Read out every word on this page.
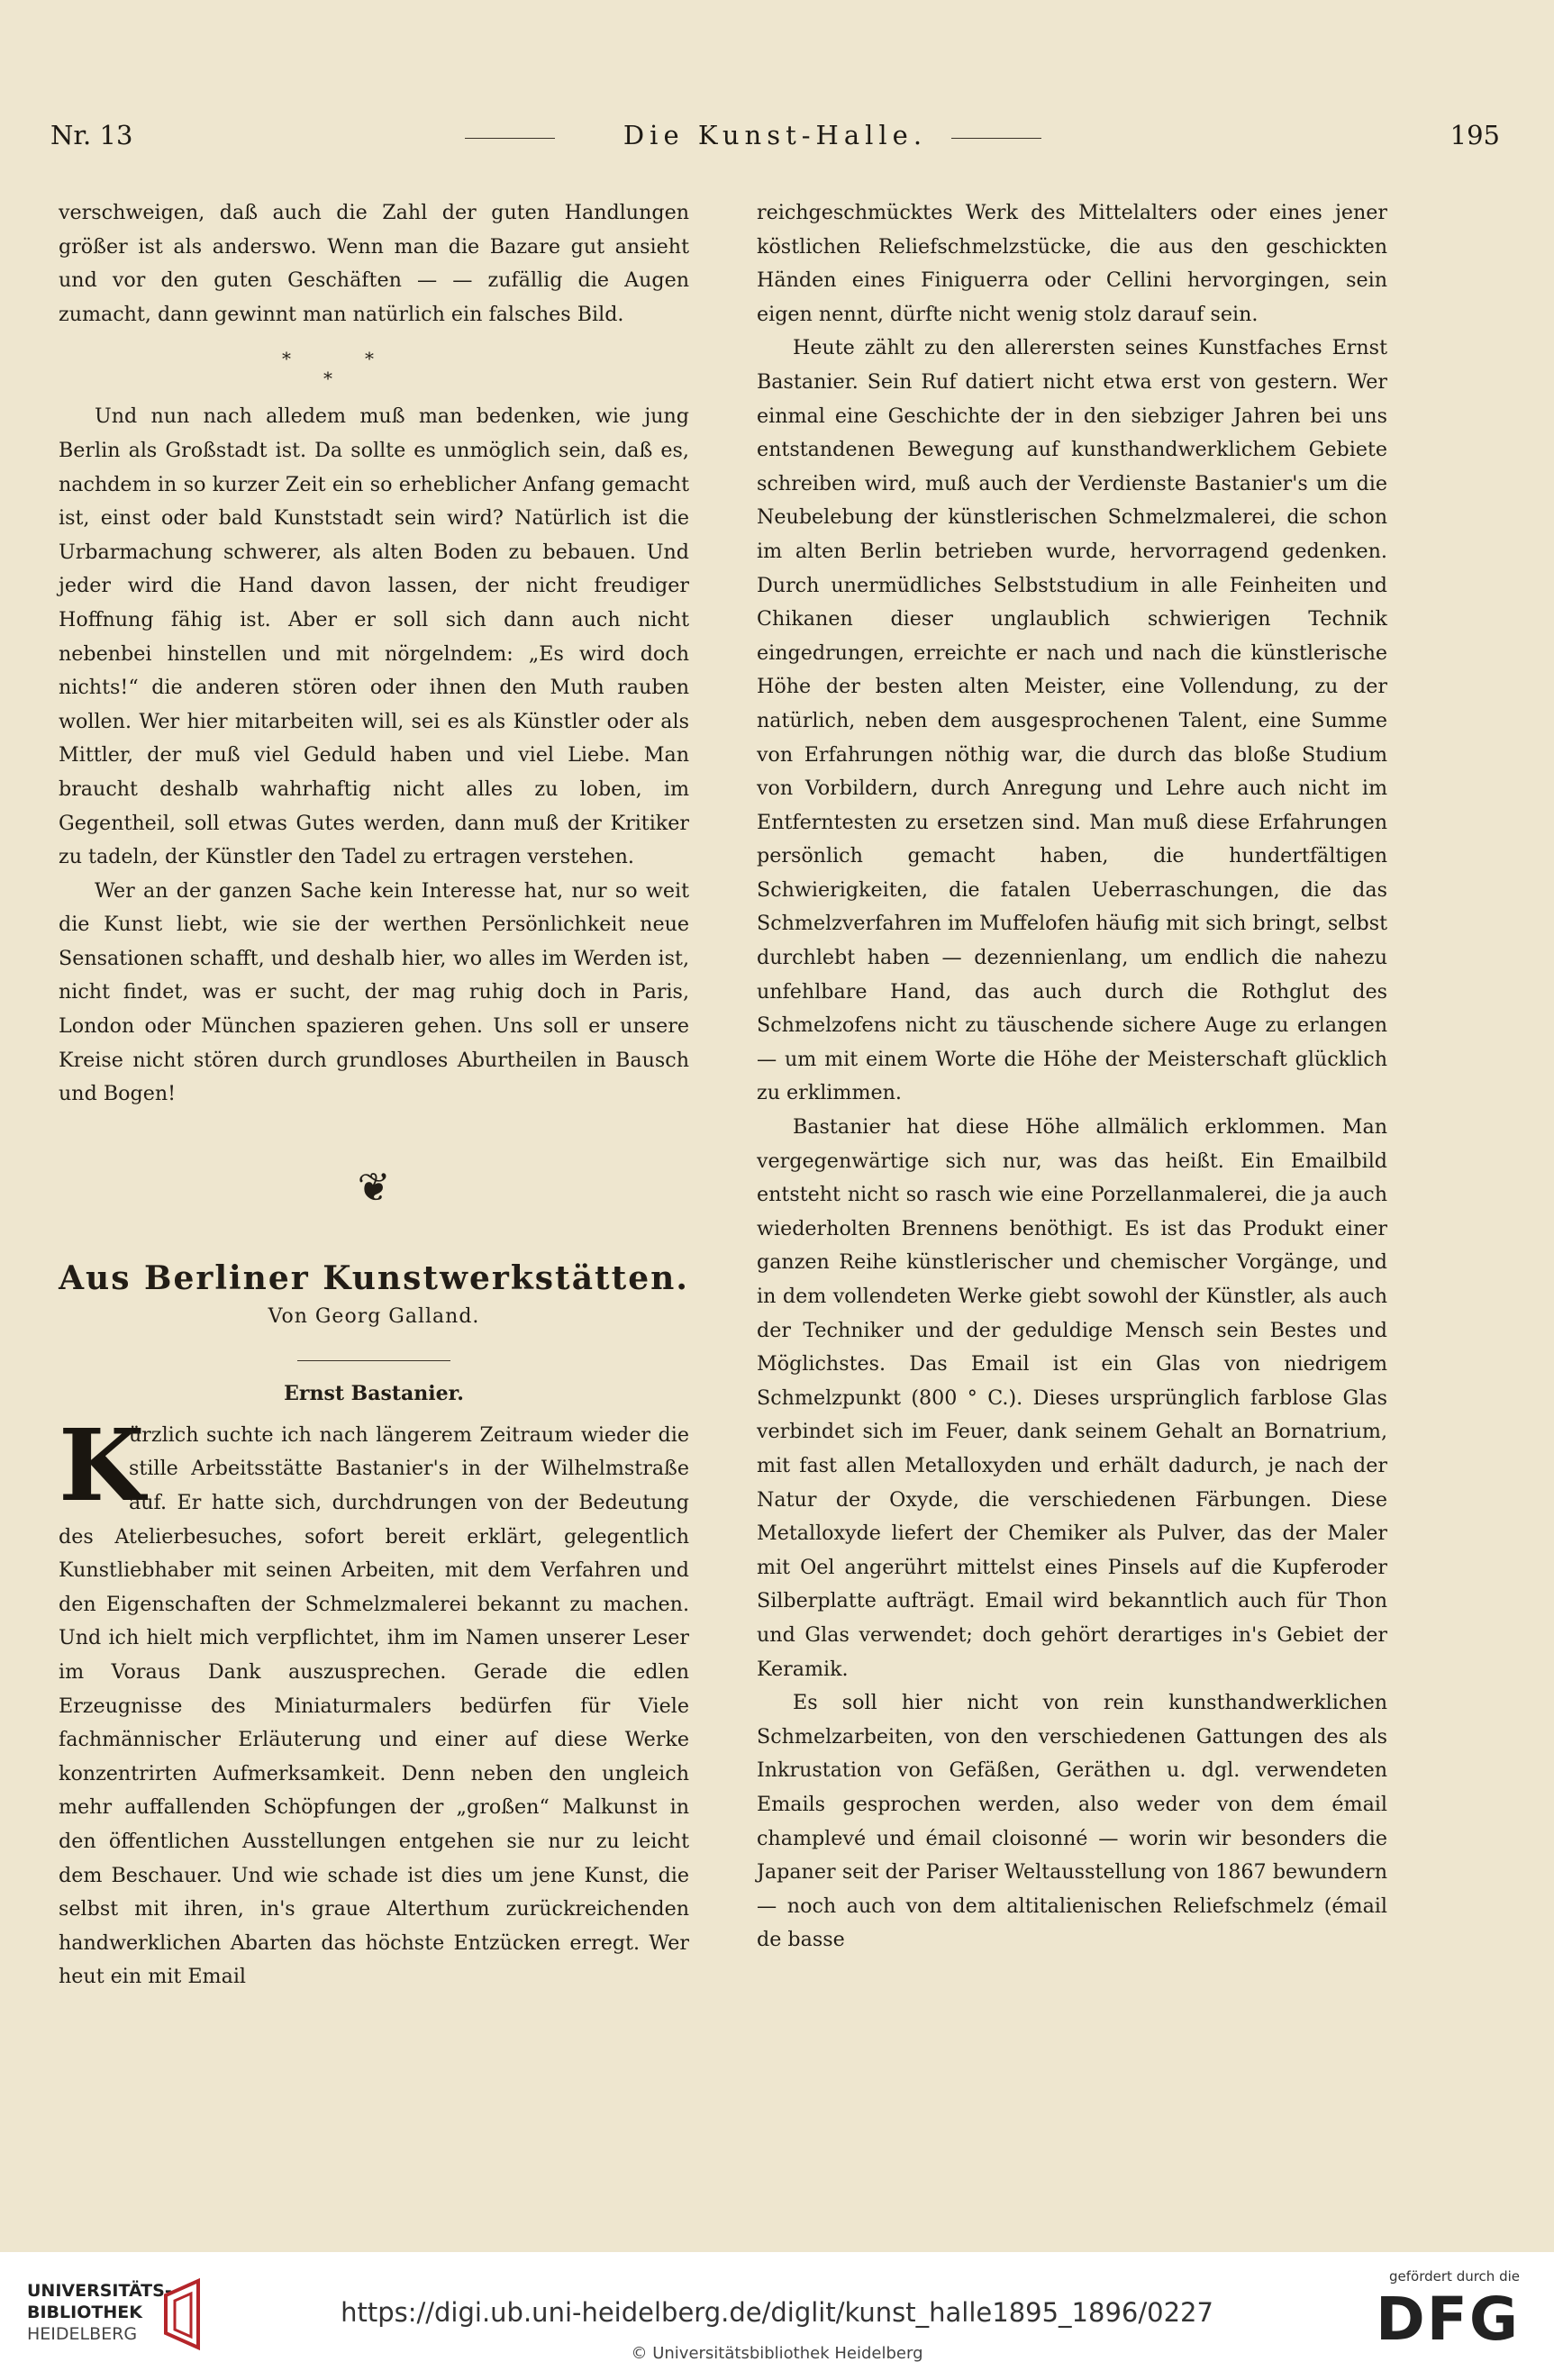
Nr. 13	Die Kunst-Halle.	195

verschweigen, daß auch die Zahl der guten Handlungen größer ist als anderswo. Wenn man die Bazare gut ansieht und vor den guten Geschäften — — zufällig die Augen zumacht, dann gewinnt man natürlich ein falsches Bild.

*	*
*

Und nun nach alledem muß man bedenken, wie jung Berlin als Großstadt ist. Da sollte es unmöglich sein, daß es, nachdem in so kurzer Zeit ein so erheblicher Anfang gemacht ist, einst oder bald Kunststadt sein wird? Natürlich ist die Urbarmachung schwerer, als alten Boden zu bebauen. Und jeder wird die Hand davon lassen, der nicht freudiger Hoffnung fähig ist. Aber er soll sich dann auch nicht nebenbei hinstellen und mit nörgelndem: „Es wird doch nichts!“ die anderen stören oder ihnen den Muth rauben wollen. Wer hier mitarbeiten will, sei es als Künstler oder als Mittler, der muß viel Geduld haben und viel Liebe. Man braucht deshalb wahrhaftig nicht alles zu loben, im Gegentheil, soll etwas Gutes werden, dann muß der Kritiker zu tadeln, der Künstler den Tadel zu ertragen verstehen.

Wer an der ganzen Sache kein Interesse hat, nur so weit die Kunst liebt, wie sie der werthen Persönlichkeit neue Sensationen schafft, und deshalb hier, wo alles im Werden ist, nicht findet, was er sucht, der mag ruhig doch in Paris, London oder München spazieren gehen. Uns soll er unsere Kreise nicht stören durch grundloses Aburtheilen in Bausch und Bogen!

❦
Aus Berliner Kunstwerkstätten.
Von Georg Galland.
Ernst Bastanier.

K
ürzlich suchte ich nach längerem Zeitraum wieder die stille Arbeitsstätte Bastanier's in der Wilhelmstraße auf. Er hatte sich, durchdrungen von der Bedeutung des Atelierbesuches, sofort bereit erklärt, gelegentlich Kunstliebhaber mit seinen Arbeiten, mit dem Verfahren und den Eigenschaften der Schmelzmalerei bekannt zu machen. Und ich hielt mich verpflichtet, ihm im Namen unserer Leser im Voraus Dank auszusprechen. Gerade die edlen Erzeugnisse des Miniaturmalers bedürfen für Viele fachmännischer Erläuterung und einer auf diese Werke konzentrirten Aufmerksamkeit. Denn neben den ungleich mehr auffallenden Schöpfungen der „großen“ Malkunst in den öffentlichen Ausstellungen entgehen sie nur zu leicht dem Beschauer. Und wie schade ist dies um jene Kunst, die selbst mit ihren, in's graue Alterthum zurückreichenden handwerklichen Abarten das höchste Entzücken erregt. Wer heut ein mit Email

reichgeschmücktes Werk des Mittelalters oder eines jener köstlichen Reliefschmelzstücke, die aus den geschickten Händen eines Finiguerra oder Cellini hervorgingen, sein eigen nennt, dürfte nicht wenig stolz darauf sein.

Heute zählt zu den allerersten seines Kunstfaches Ernst Bastanier. Sein Ruf datiert nicht etwa erst von gestern. Wer einmal eine Geschichte der in den siebziger Jahren bei uns entstandenen Bewegung auf kunsthandwerklichem Gebiete schreiben wird, muß auch der Verdienste Bastanier's um die Neubelebung der künstlerischen Schmelzmalerei, die schon im alten Berlin betrieben wurde, hervorragend gedenken. Durch unermüdliches Selbststudium in alle Feinheiten und Chikanen dieser unglaublich schwierigen Technik eingedrungen, erreichte er nach und nach die künstlerische Höhe der besten alten Meister, eine Vollendung, zu der natürlich, neben dem ausgesprochenen Talent, eine Summe von Erfahrungen nöthig war, die durch das bloße Studium von Vorbildern, durch Anregung und Lehre auch nicht im Entferntesten zu ersetzen sind. Man muß diese Erfahrungen persönlich gemacht haben, die hundertfältigen Schwierigkeiten, die fatalen Ueberraschungen, die das Schmelzverfahren im Muffelofen häufig mit sich bringt, selbst durchlebt haben — dezennienlang, um endlich die nahezu unfehlbare Hand, das auch durch die Rothglut des Schmelzofens nicht zu täuschende sichere Auge zu erlangen — um mit einem Worte die Höhe der Meisterschaft glücklich zu erklimmen.

Bastanier hat diese Höhe allmälich erklommen. Man vergegenwärtige sich nur, was das heißt. Ein Emailbild entsteht nicht so rasch wie eine Porzellanmalerei, die ja auch wiederholten Brennens benöthigt. Es ist das Produkt einer ganzen Reihe künstlerischer und chemischer Vorgänge, und in dem vollendeten Werke giebt sowohl der Künstler, als auch der Techniker und der geduldige Mensch sein Bestes und Möglichstes. Das Email ist ein Glas von niedrigem Schmelzpunkt (800 ° C.). Dieses ursprünglich farblose Glas verbindet sich im Feuer, dank seinem Gehalt an Bornatrium, mit fast allen Metalloxyden und erhält dadurch, je nach der Natur der Oxyde, die verschiedenen Färbungen. Diese Metalloxyde liefert der Chemiker als Pulver, das der Maler mit Oel angerührt mittelst eines Pinsels auf die Kupferoder Silberplatte aufträgt. Email wird bekanntlich auch für Thon und Glas verwendet; doch gehört derartiges in's Gebiet der Keramik.

Es soll hier nicht von rein kunsthandwerklichen Schmelzarbeiten, von den verschiedenen Gattungen des als Inkrustation von Gefäßen, Geräthen u. dgl. verwendeten Emails gesprochen werden, also weder von dem émail champlevé und émail cloisonné — worin wir besonders die Japaner seit der Pariser Weltausstellung von 1867 bewundern — noch auch von dem altitalienischen Reliefschmelz (émail de basse

UNIVERSITÄTS-
BIBLIOTHEK
HEIDELBERG
https://digi.ub.uni-heidelberg.de/diglit/kunst_halle1895_1896/0227
© Universitätsbibliothek Heidelberg
gefördert durch die
DFG
